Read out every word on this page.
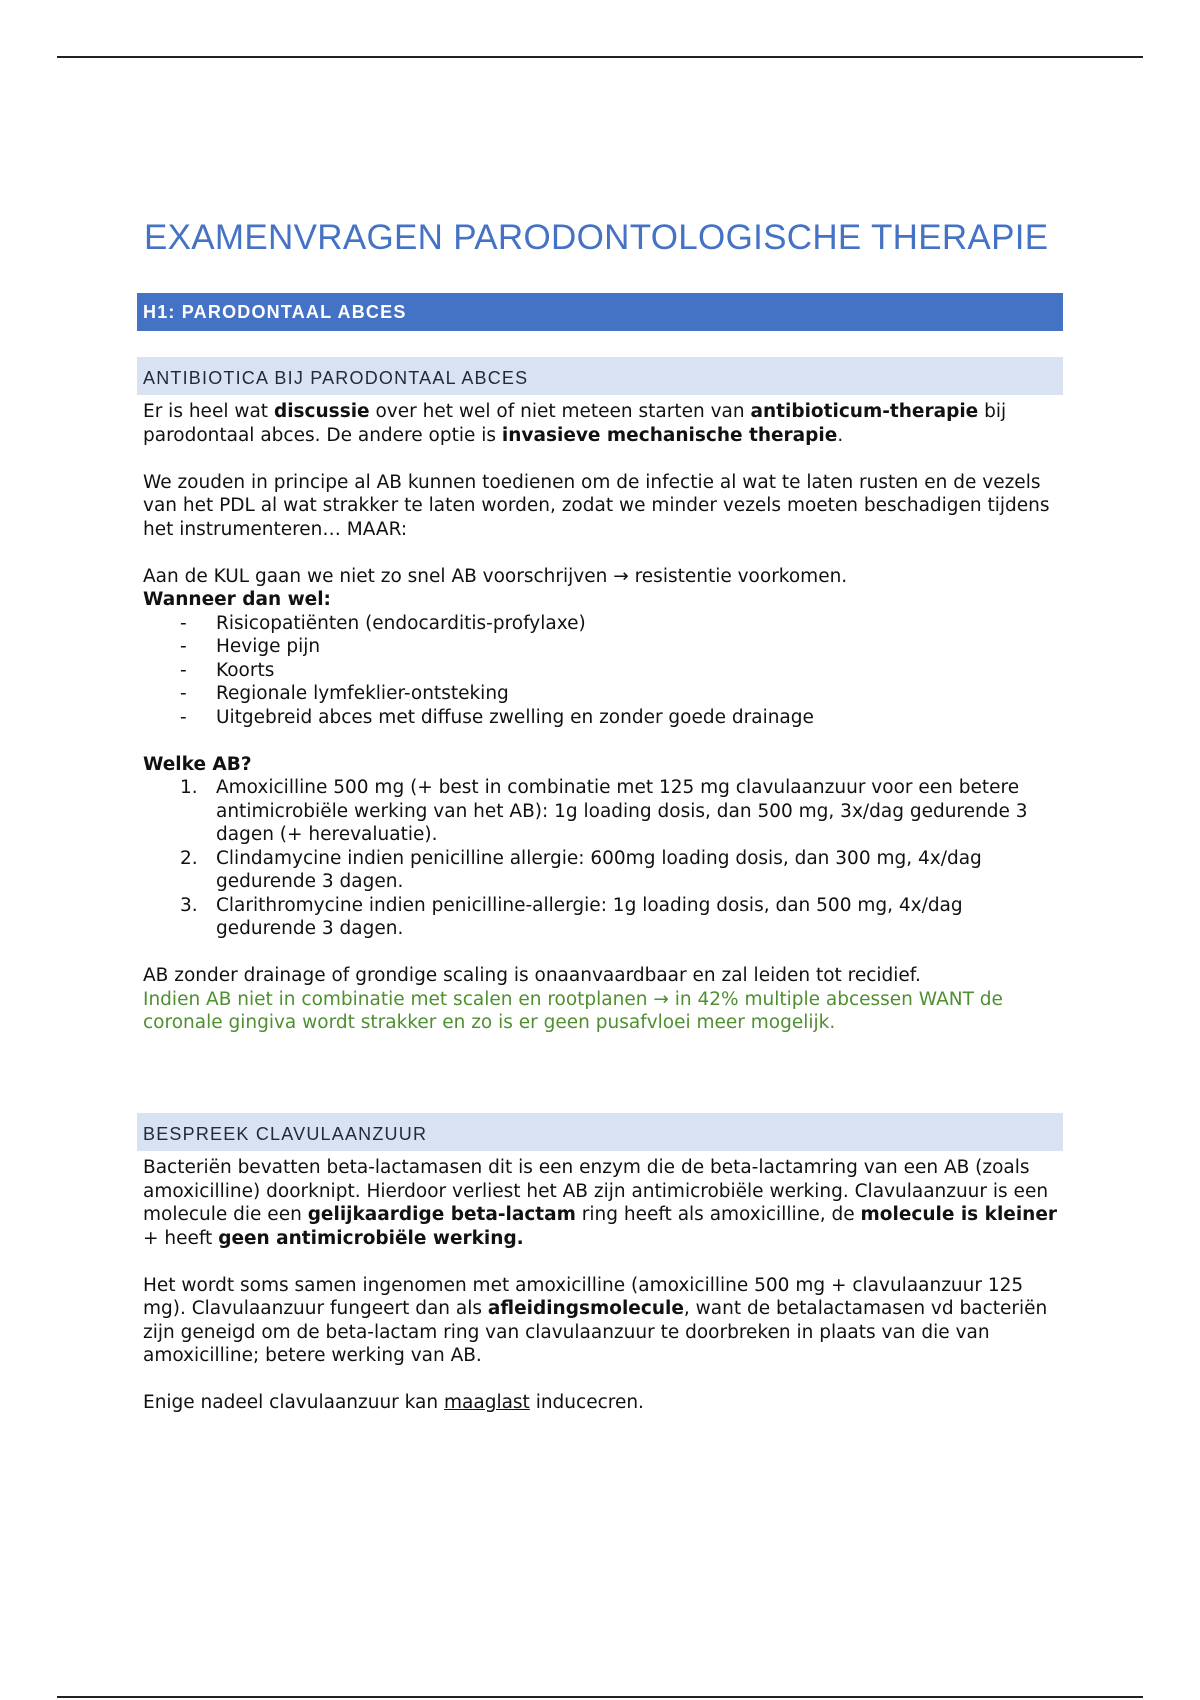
EXAMENVRAGEN PARODONTOLOGISCHE THERAPIE
H1: PARODONTAAL ABCES
ANTIBIOTICA BIJ PARODONTAAL ABCES

Er is heel wat discussie over het wel of niet meteen starten van antibioticum-therapie bij parodontaal abces. De andere optie is invasieve mechanische therapie.

We zouden in principe al AB kunnen toedienen om de infectie al wat te laten rusten en de vezels van het PDL al wat strakker te laten worden, zodat we minder vezels moeten beschadigen tijdens het instrumenteren… MAAR:

Aan de KUL gaan we niet zo snel AB voorschrijven → resistentie voorkomen.

Wanneer dan wel:

- Risicopatiënten (endocarditis-profylaxe)
- Hevige pijn
- Koorts
- Regionale lymfeklier-ontsteking
- Uitgebreid abces met diffuse zwelling en zonder goede drainage

Welke AB?

1. Amoxicilline 500 mg (+ best in combinatie met 125 mg clavulaanzuur voor een betere antimicrobiële werking van het AB): 1g loading dosis, dan 500 mg, 3x/dag gedurende 3 dagen (+ herevaluatie).
2. Clindamycine indien penicilline allergie: 600mg loading dosis, dan 300 mg, 4x/dag gedurende 3 dagen.
3. Clarithromycine indien penicilline-allergie: 1g loading dosis, dan 500 mg, 4x/dag gedurende 3 dagen.

AB zonder drainage of grondige scaling is onaanvaardbaar en zal leiden tot recidief.

Indien AB niet in combinatie met scalen en rootplanen → in 42% multiple abcessen WANT de coronale gingiva wordt strakker en zo is er geen pusafvloei meer mogelijk.

BESPREEK CLAVULAANZUUR

Bacteriën bevatten beta-lactamasen dit is een enzym die de beta-lactamring van een AB (zoals amoxicilline) doorknipt. Hierdoor verliest het AB zijn antimicrobiële werking. Clavulaanzuur is een molecule die een gelijkaardige beta-lactam ring heeft als amoxicilline, de molecule is kleiner + heeft geen antimicrobiële werking.

Het wordt soms samen ingenomen met amoxicilline (amoxicilline 500 mg + clavulaanzuur 125 mg). Clavulaanzuur fungeert dan als afleidingsmolecule, want de betalactamasen vd bacteriën zijn geneigd om de beta-lactam ring van clavulaanzuur te doorbreken in plaats van die van amoxicilline; betere werking van AB.

Enige nadeel clavulaanzuur kan maaglast inducecren.
